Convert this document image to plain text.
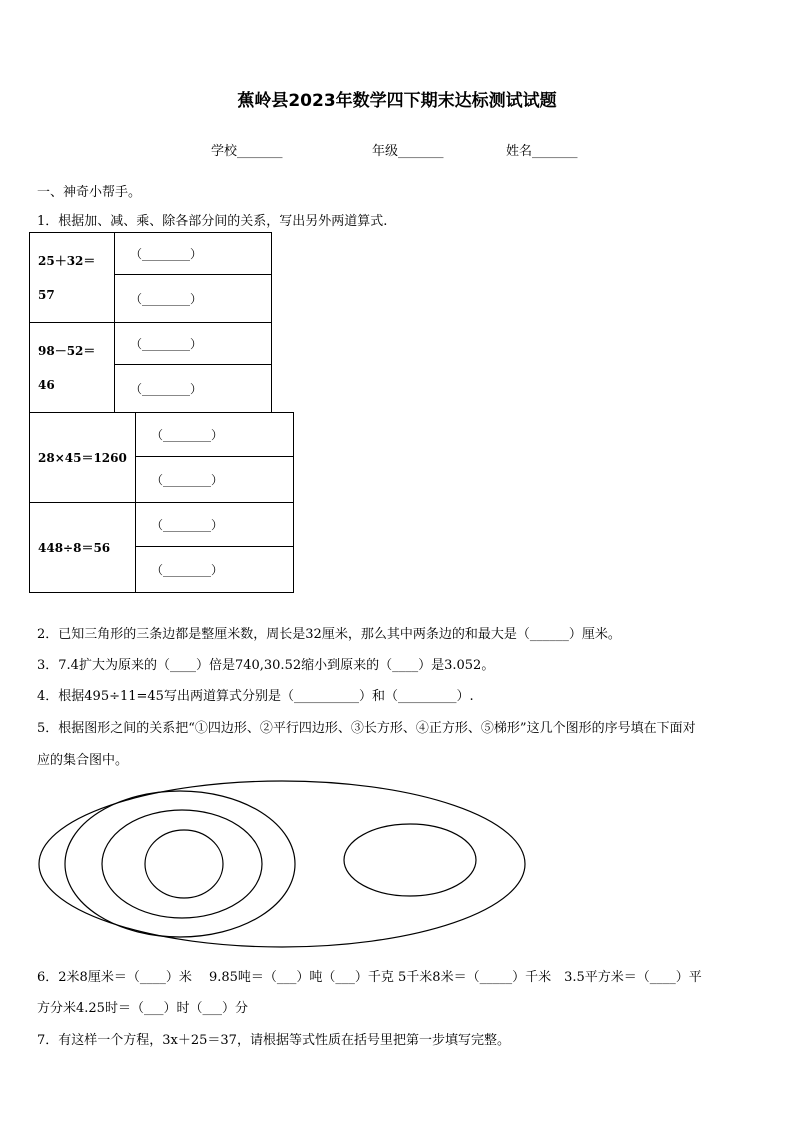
蕉岭县2023年数学四下期末达标测试试题
学校_______	年级_______	姓名_______
一、神奇小帮手。
1．根据加、减、乘、除各部分间的关系，写出另外两道算式.
25＋32＝
57	（________）
	（________）

98－52＝
46	（________）
	（________）
28×45＝1260	（________）
	（________）
448÷8＝56	（________）
	（________）
2．已知三角形的三条边都是整厘米数，周长是32厘米，那么其中两条边的和最大是（______）厘米。
3．7.4扩大为原来的（____）倍是740,30.52缩小到原来的（____）是3.052。
4．根据495÷11=45写出两道算式分别是（__________）和（_________）.
5．根据图形之间的关系把“①四边形、②平行四边形、③长方形、④正方形、⑤梯形”这几个图形的序号填在下面对
应的集合图中。
6．2米8厘米＝（____）米　 9.85吨＝（___）吨（___）千克 5千米8米＝（_____）千米　3.5平方米＝（____）平
方分米4.25时＝（___）时（___）分
7．有这样一个方程，3x＋25＝37，请根据等式性质在括号里把第一步填写完整。
